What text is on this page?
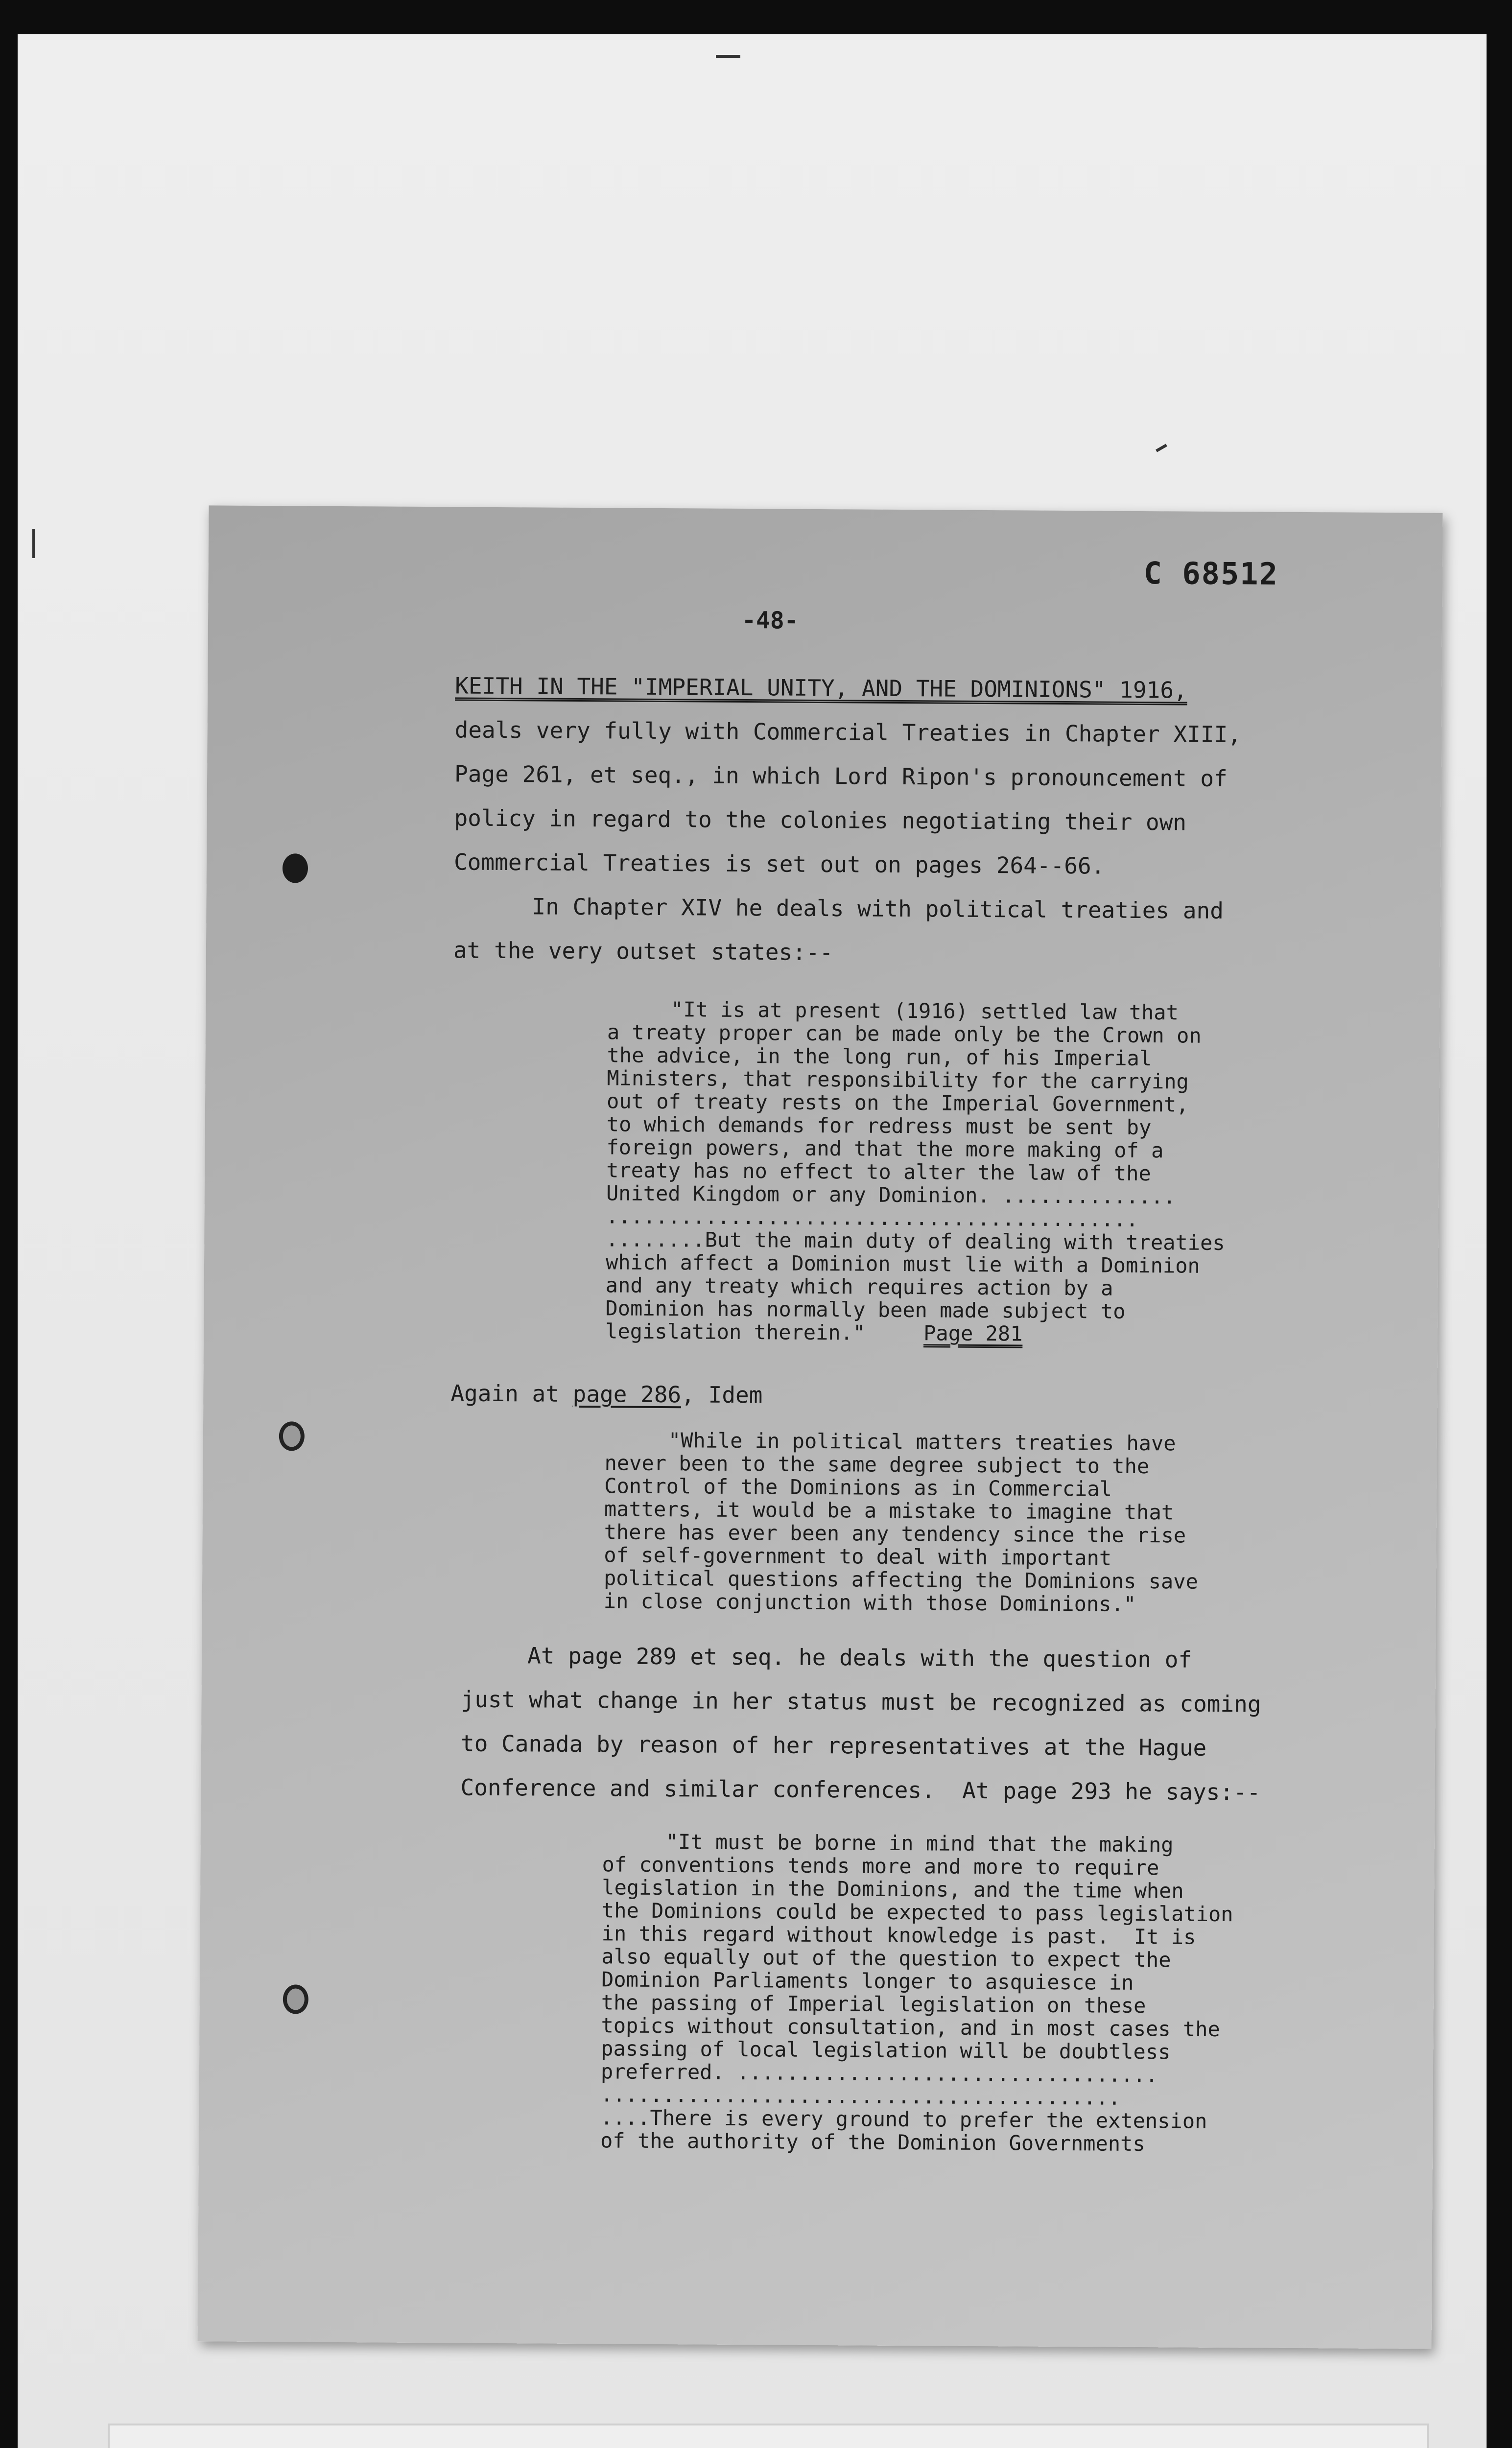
C 68512
-48-
KEITH IN THE "IMPERIAL UNITY, AND THE DOMINIONS" 1916,
deals very fully with Commercial Treaties in Chapter XIII,
Page 261, et seq., in which Lord Ripon's pronouncement of
policy in regard to the colonies negotiating their own
Commercial Treaties is set out on pages 264--66.
In Chapter XIV he deals with political treaties and
at the very outset states:--
"It is at present (1916) settled law that
a treaty proper can be made only be the Crown on
the advice, in the long run, of his Imperial
Ministers, that responsibility for the carrying
out of treaty rests on the Imperial Government,
to which demands for redress must be sent by
foreign powers, and that the more making of a
treaty has no effect to alter the law of the
United Kingdom or any Dominion. ..............
...........................................
........But the main duty of dealing with treaties
which affect a Dominion must lie with a Dominion
and any treaty which requires action by a
Dominion has normally been made subject to
legislation therein."	Page 281
Again at page 286, Idem
"While in political matters treaties have
never been to the same degree subject to the
Control of the Dominions as in Commercial
matters, it would be a mistake to imagine that
there has ever been any tendency since the rise
of self-government to deal with important
political questions affecting the Dominions save
in close conjunction with those Dominions."
At page 289 et seq. he deals with the question of
just what change in her status must be recognized as coming
to Canada by reason of her representatives at the Hague
Conference and similar conferences.  At page 293 he says:--
"It must be borne in mind that the making
of conventions tends more and more to require
legislation in the Dominions, and the time when
the Dominions could be expected to pass legislation
in this regard without knowledge is past.  It is
also equally out of the question to expect the
Dominion Parliaments longer to asquiesce in
the passing of Imperial legislation on these
topics without consultation, and in most cases the
passing of local legislation will be doubtless
preferred. ..................................
..........................................
....There is every ground to prefer the extension
of the authority of the Dominion Governments
